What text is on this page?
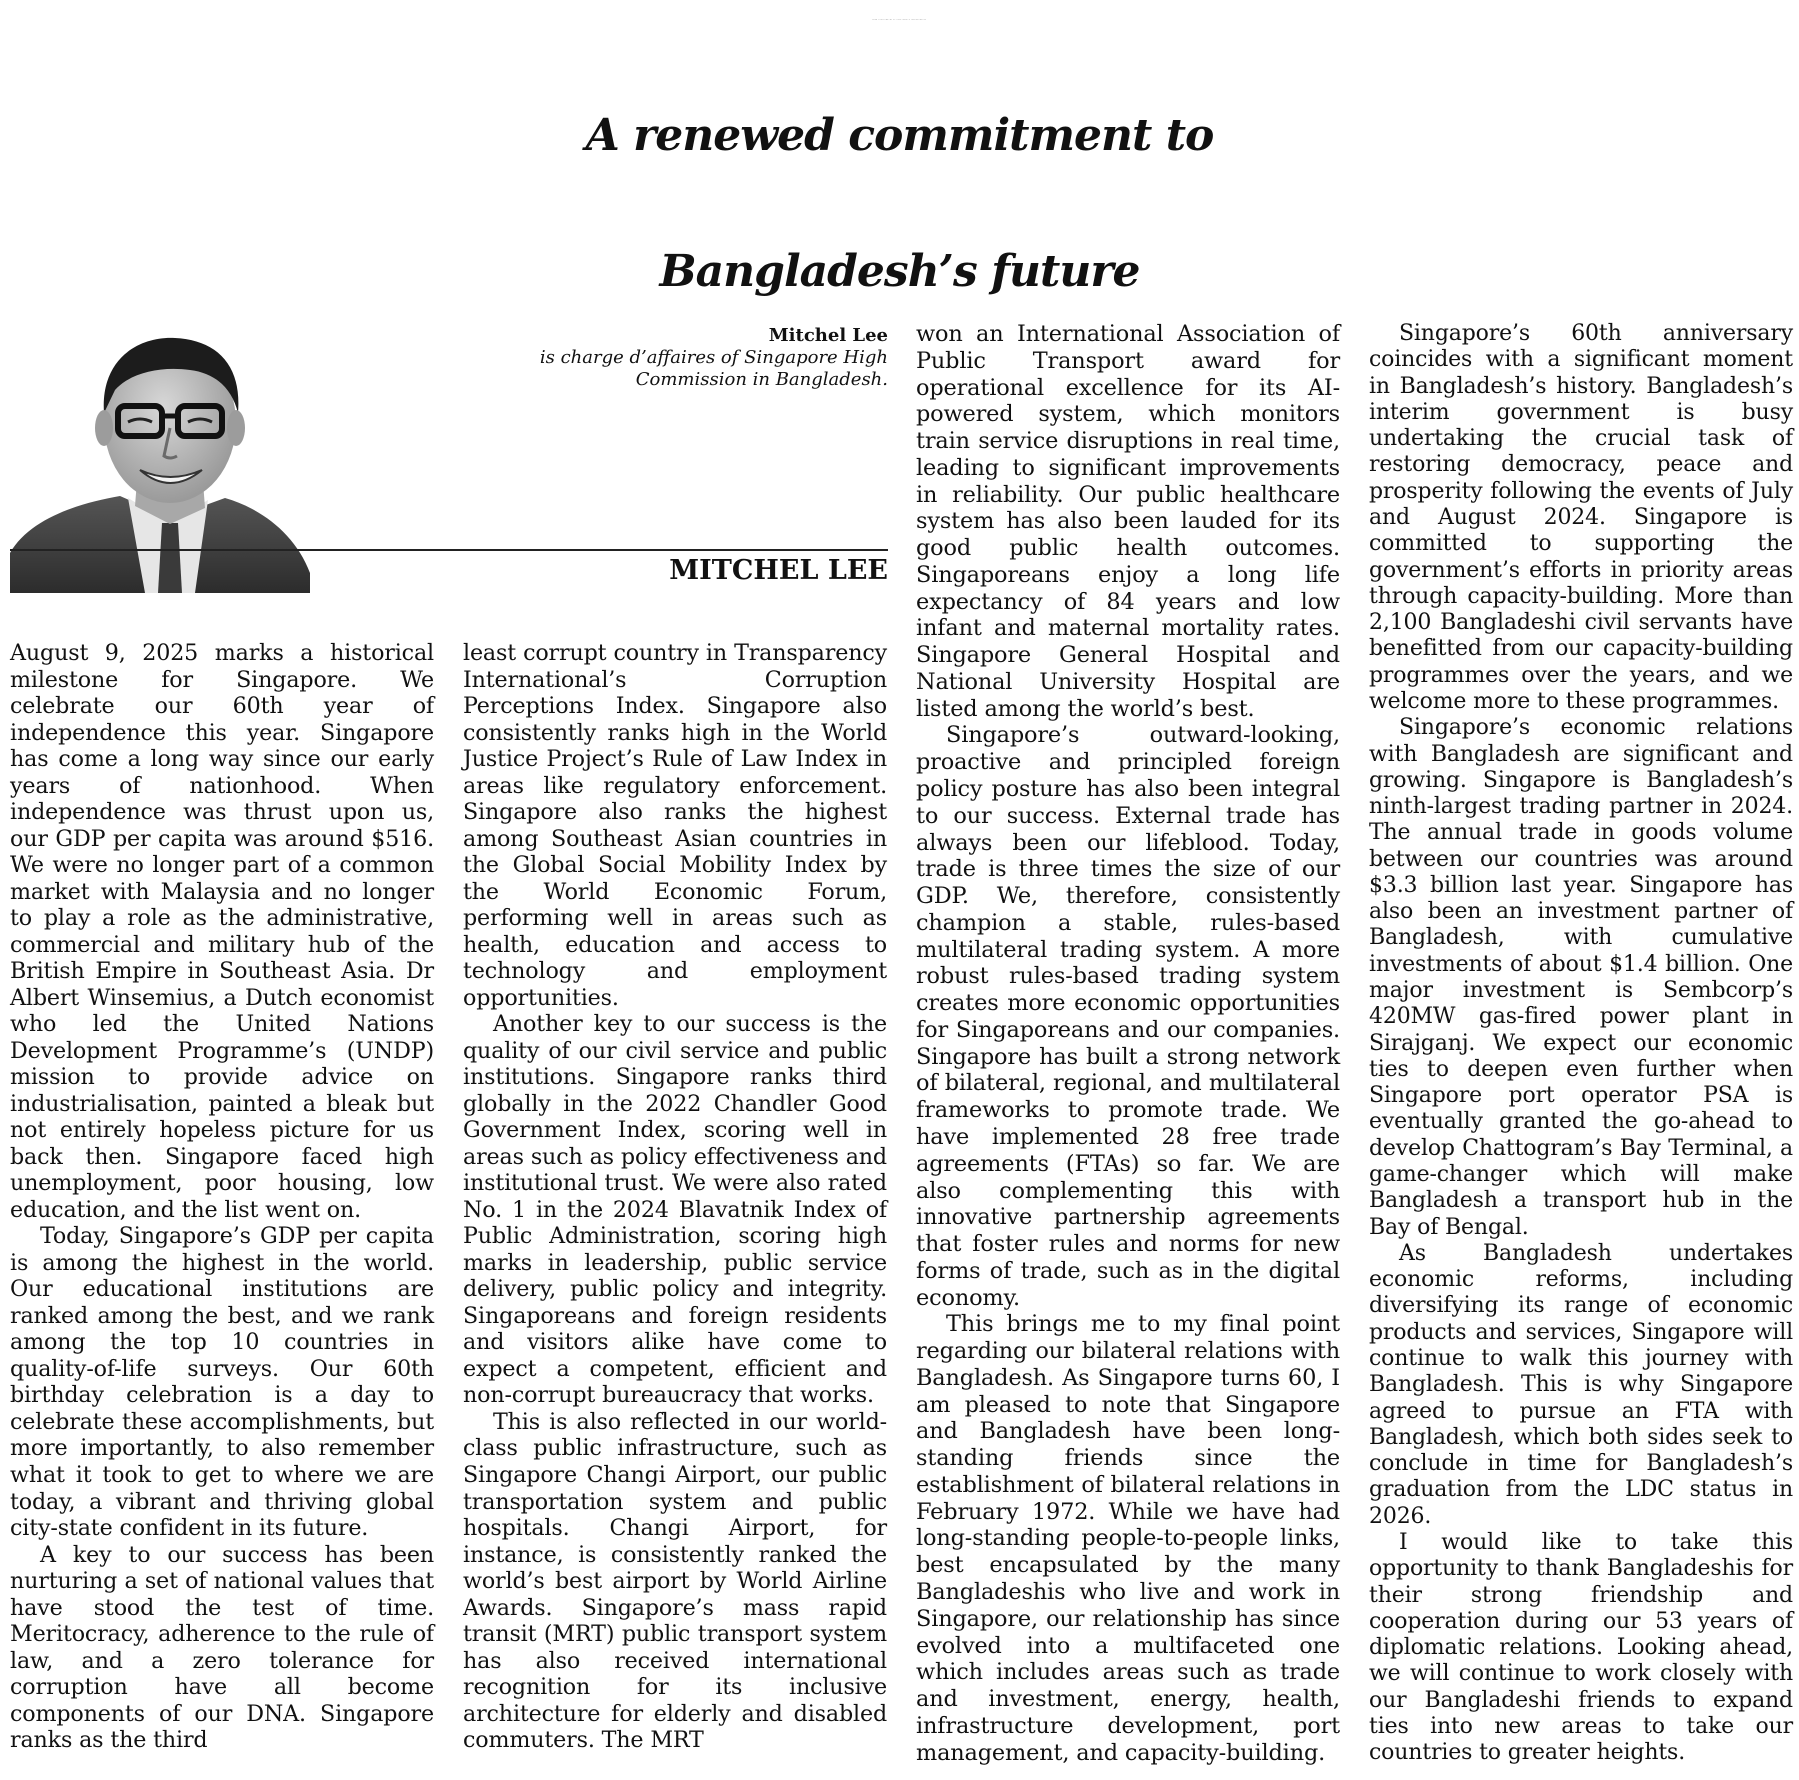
60TH ANNIVERSARY OF SINGAPORE’S INDEPENDENCE
A renewed commitment to
Bangladesh’s future
Mitchel Lee
is charge d’affaires of Singapore High
Commission in Bangladesh.
MITCHEL LEE

August 9, 2025 marks a historical milestone for Singapore. We celebrate our 60th year of independence this year. Singapore has come a long way since our early years of nationhood. When independence was thrust upon us, our GDP per capita was around $516. We were no longer part of a common market with Malaysia and no longer to play a role as the administrative, commercial and military hub of the British Empire in Southeast Asia. Dr Albert Winsemius, a Dutch economist who led the United Nations Development Programme’s (UNDP) mission to provide advice on industrialisation, painted a bleak but not entirely hopeless picture for us back then. Singapore faced high unemployment, poor housing, low education, and the list went on.

Today, Singapore’s GDP per capita is among the highest in the world. Our educational institutions are ranked among the best, and we rank among the top 10 countries in quality-of-life surveys. Our 60th birthday celebration is a day to celebrate these accomplishments, but more importantly, to also remember what it took to get to where we are today, a vibrant and thriving global city-state confident in its future.

A key to our success has been nurturing a set of national values that have stood the test of time. Meritocracy, adherence to the rule of law, and a zero tolerance for corruption have all become components of our DNA. Singapore ranks as the third

least corrupt country in Transparency International’s Corruption Perceptions Index. Singapore also consistently ranks high in the World Justice Project’s Rule of Law Index in areas like regulatory enforcement. Singapore also ranks the highest among Southeast Asian countries in the Global Social Mobility Index by the World Economic Forum, performing well in areas such as health, education and access to technology and employment opportunities.

Another key to our success is the quality of our civil service and public institutions. Singapore ranks third globally in the 2022 Chandler Good Government Index, scoring well in areas such as policy effectiveness and institutional trust. We were also rated No. 1 in the 2024 Blavatnik Index of Public Administration, scoring high marks in leadership, public service delivery, public policy and integrity. Singaporeans and foreign residents and visitors alike have come to expect a competent, efficient and non-corrupt bureaucracy that works.

This is also reflected in our world-class public infrastructure, such as Singapore Changi Airport, our public transportation system and public hospitals. Changi Airport, for instance, is consistently ranked the world’s best airport by World Airline Awards. Singapore’s mass rapid transit (MRT) public transport system has also received international recognition for its inclusive architecture for elderly and disabled commuters. The MRT

won an International Association of Public Transport award for operational excellence for its AI-powered system, which monitors train service disruptions in real time, leading to significant improvements in reliability. Our public healthcare system has also been lauded for its good public health outcomes. Singaporeans enjoy a long life expectancy of 84 years and low infant and maternal mortality rates. Singapore General Hospital and National University Hospital are listed among the world’s best.

Singapore’s outward-looking, proactive and principled foreign policy posture has also been integral to our success. External trade has always been our lifeblood. Today, trade is three times the size of our GDP. We, therefore, consistently champion a stable, rules-based multilateral trading system. A more robust rules-based trading system creates more economic opportunities for Singaporeans and our companies. Singapore has built a strong network of bilateral, regional, and multilateral frameworks to promote trade. We have implemented 28 free trade agreements (FTAs) so far. We are also complementing this with innovative partnership agreements that foster rules and norms for new forms of trade, such as in the digital economy.

This brings me to my final point regarding our bilateral relations with Bangladesh. As Singapore turns 60, I am pleased to note that Singapore and Bangladesh have been long-standing friends since the establishment of bilateral relations in February 1972. While we have had long-standing people-to-people links, best encapsulated by the many Bangladeshis who live and work in Singapore, our relationship has since evolved into a multifaceted one which includes areas such as trade and investment, energy, health, infrastructure development, port management, and capacity-building.

Singapore’s 60th anniversary coincides with a significant moment in Bangladesh’s history. Bangladesh’s interim government is busy undertaking the crucial task of restoring democracy, peace and prosperity following the events of July and August 2024. Singapore is committed to supporting the government’s efforts in priority areas through capacity-building. More than 2,100 Bangladeshi civil servants have benefitted from our capacity-building programmes over the years, and we welcome more to these programmes.

Singapore’s economic relations with Bangladesh are significant and growing. Singapore is Bangladesh’s ninth-largest trading partner in 2024. The annual trade in goods volume between our countries was around $3.3 billion last year. Singapore has also been an investment partner of Bangladesh, with cumulative investments of about $1.4 billion. One major investment is Sembcorp’s 420MW gas-fired power plant in Sirajganj. We expect our economic ties to deepen even further when Singapore port operator PSA is eventually granted the go-ahead to develop Chattogram’s Bay Terminal, a game-changer which will make Bangladesh a transport hub in the Bay of Bengal.

As Bangladesh undertakes economic reforms, including diversifying its range of economic products and services, Singapore will continue to walk this journey with Bangladesh. This is why Singapore agreed to pursue an FTA with Bangladesh, which both sides seek to conclude in time for Bangladesh’s graduation from the LDC status in 2026.

I would like to take this opportunity to thank Bangladeshis for their strong friendship and cooperation during our 53 years of diplomatic relations. Looking ahead, we will continue to work closely with our Bangladeshi friends to expand ties into new areas to take our countries to greater heights.
